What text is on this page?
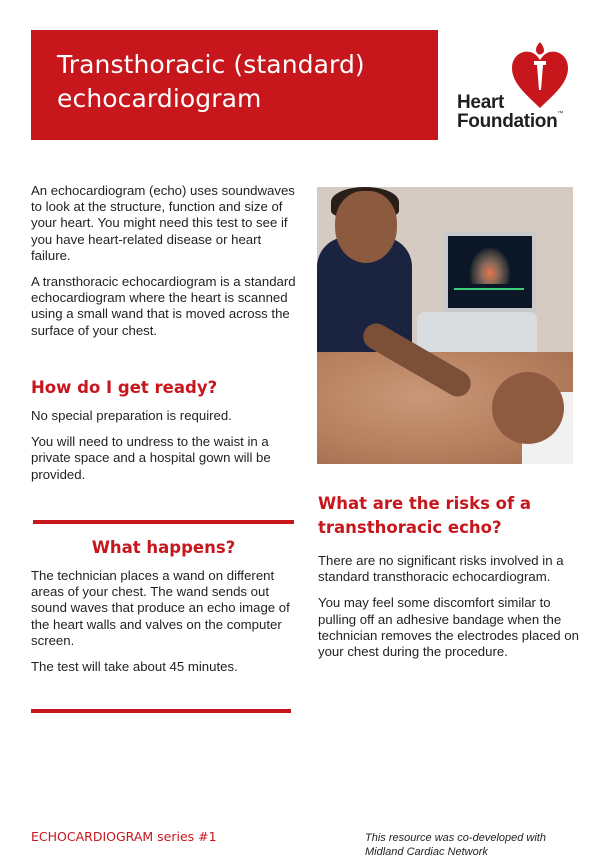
Transthoracic (standard)
echocardiogram	Heart
Foundation™

An echocardiogram (echo) uses soundwaves to look at the structure, function and size of your heart. You might need this test to see if you have heart-related disease or heart failure.

A transthoracic echocardiogram is a standard echocardiogram where the heart is scanned using a small wand that is moved across the surface of your chest.

How do I get ready?

No special preparation is required.

You will need to undress to the waist in a private space and a hospital gown will be provided.

What happens?

The technician places a wand on different areas of your chest. The wand sends out sound waves that produce an echo image of the heart walls and valves on the computer screen.

The test will take about 45 minutes.

What are the risks of a
transthoracic echo?

There are no significant risks involved in a standard transthoracic echocardiogram.

You may feel some discomfort similar to pulling off an adhesive bandage when the technician removes the electrodes placed on your chest during the procedure.

ECHOCARDIOGRAM series #1	This resource was co-developed with
Midland Cardiac Network
